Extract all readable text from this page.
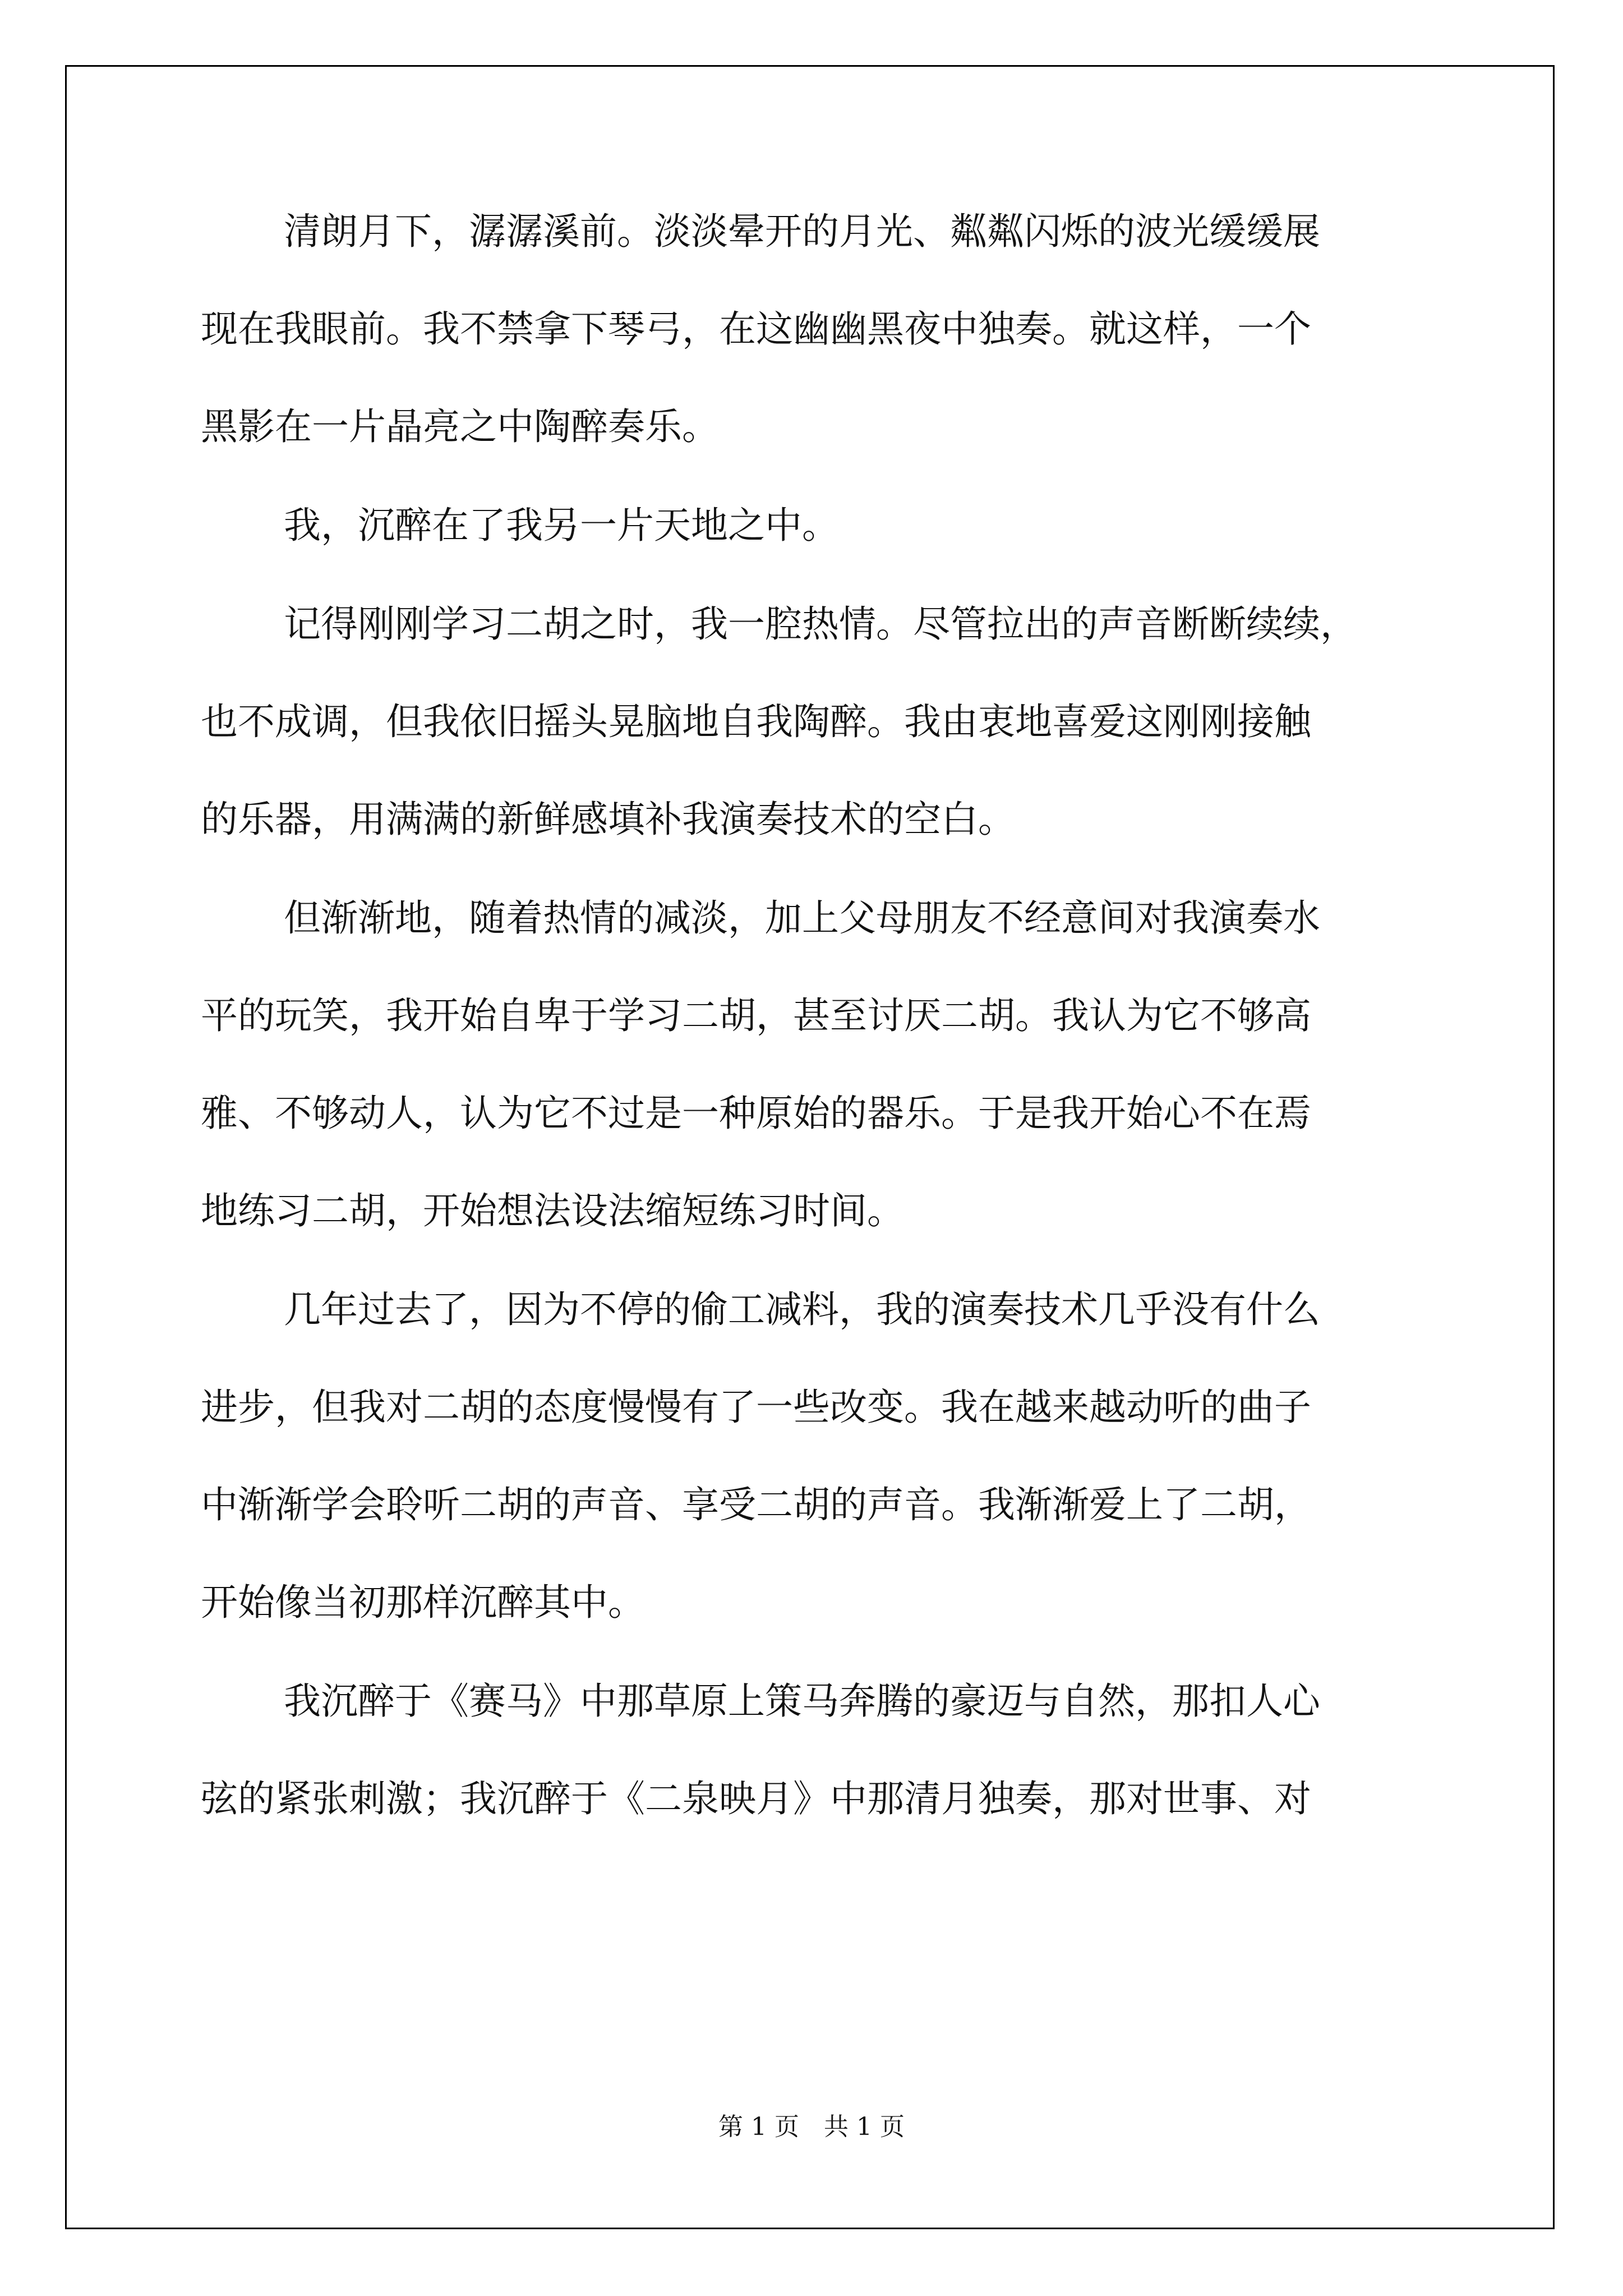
清朗月下，潺潺溪前。淡淡晕开的月光、粼粼闪烁的波光缓缓展
现在我眼前。我不禁拿下琴弓，在这幽幽黑夜中独奏。就这样，一个
黑影在一片晶亮之中陶醉奏乐。
我，沉醉在了我另一片天地之中。
记得刚刚学习二胡之时，我一腔热情。尽管拉出的声音断断续续，
也不成调，但我依旧摇头晃脑地自我陶醉。我由衷地喜爱这刚刚接触
的乐器，用满满的新鲜感填补我演奏技术的空白。
但渐渐地，随着热情的减淡，加上父母朋友不经意间对我演奏水
平的玩笑，我开始自卑于学习二胡，甚至讨厌二胡。我认为它不够高
雅、不够动人，认为它不过是一种原始的器乐。于是我开始心不在焉
地练习二胡，开始想法设法缩短练习时间。
几年过去了，因为不停的偷工减料，我的演奏技术几乎没有什么
进步，但我对二胡的态度慢慢有了一些改变。我在越来越动听的曲子
中渐渐学会聆听二胡的声音、享受二胡的声音。我渐渐爱上了二胡，
开始像当初那样沉醉其中。
我沉醉于《赛马》中那草原上策马奔腾的豪迈与自然，那扣人心
弦的紧张刺激；我沉醉于《二泉映月》中那清月独奏，那对世事、对
第 1 页　共 1 页
